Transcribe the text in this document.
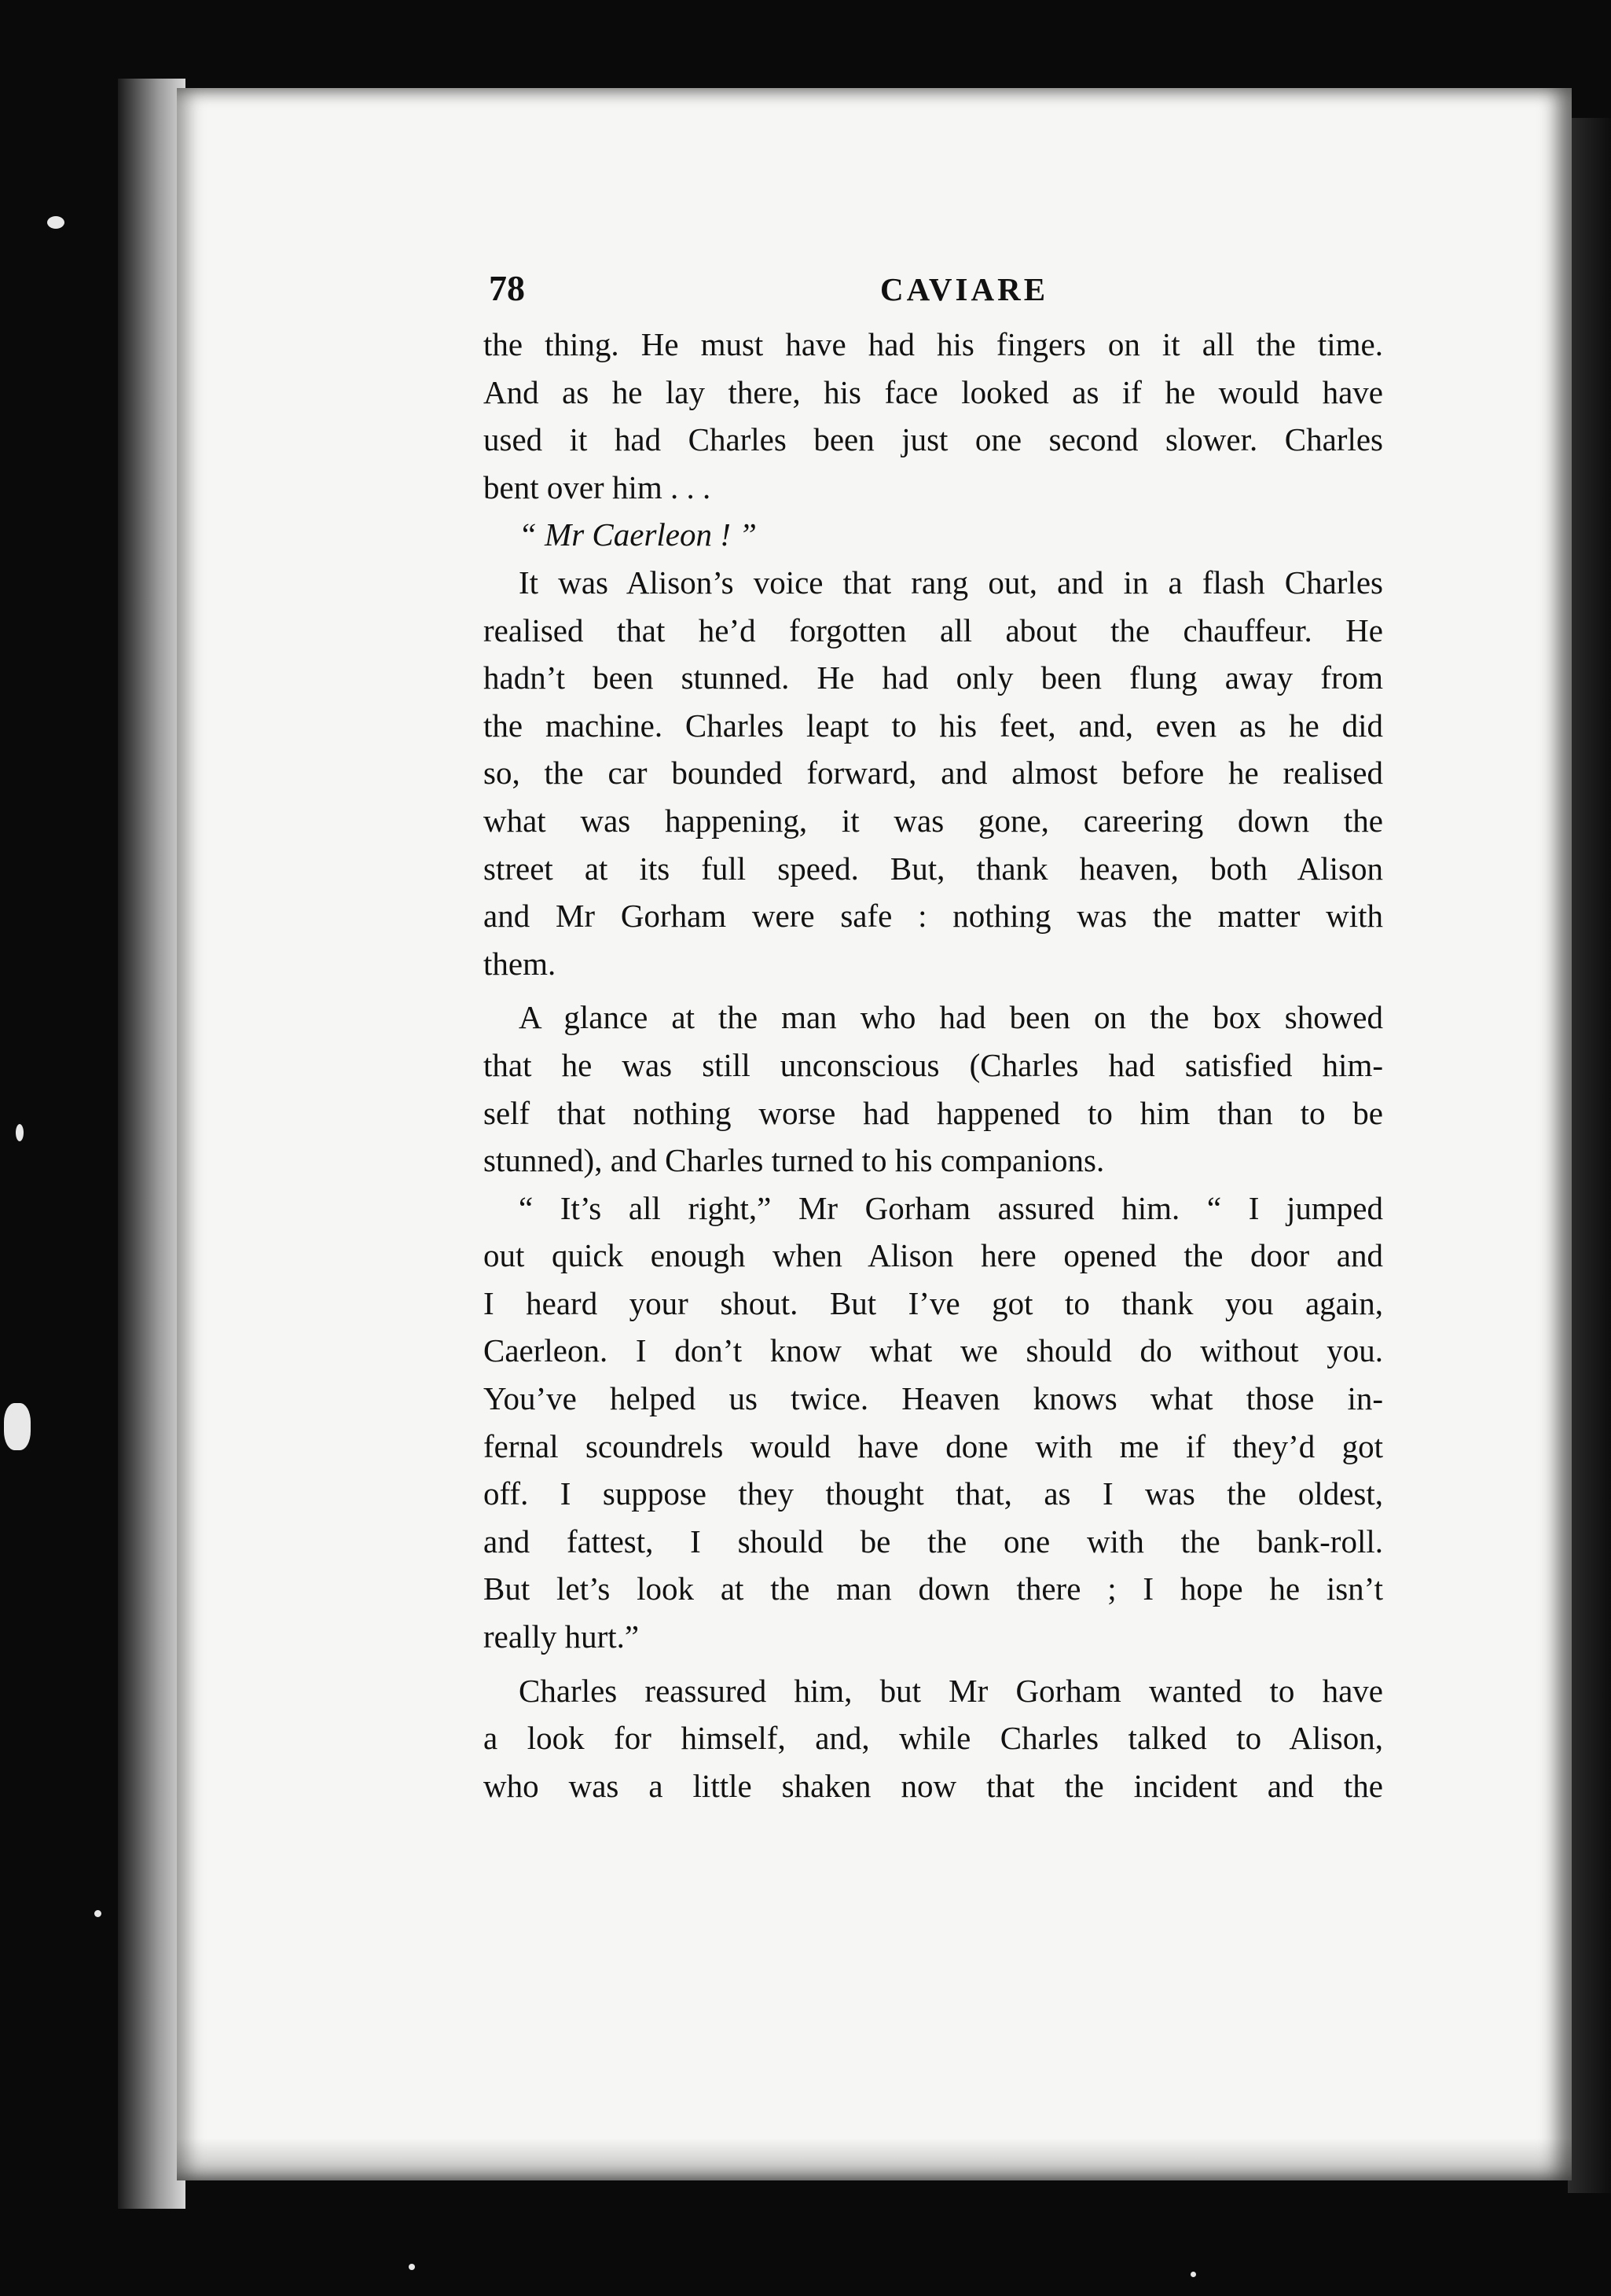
78	CAVIARE
the thing. He must have had his fingers on it all the time.
And as he lay there, his face looked as if he would have
used it had Charles been just one second slower. Charles
bent over him . . .
“ Mr Caerleon ! ”
It was Alison’s voice that rang out, and in a flash Charles
realised that he’d forgotten all about the chauffeur. He
hadn’t been stunned. He had only been flung away from
the machine. Charles leapt to his feet, and, even as he did
so, the car bounded forward, and almost before he realised
what was happening, it was gone, careering down the
street at its full speed. But, thank heaven, both Alison
and Mr Gorham were safe : nothing was the matter with
them.
A glance at the man who had been on the box showed
that he was still unconscious (Charles had satisfied him-
self that nothing worse had happened to him than to be
stunned), and Charles turned to his companions.
“ It’s all right,” Mr Gorham assured him. “ I jumped
out quick enough when Alison here opened the door and
I heard your shout. But I’ve got to thank you again,
Caerleon. I don’t know what we should do without you.
You’ve helped us twice. Heaven knows what those in-
fernal scoundrels would have done with me if they’d got
off. I suppose they thought that, as I was the oldest,
and fattest, I should be the one with the bank-roll.
But let’s look at the man down there ; I hope he isn’t
really hurt.”
Charles reassured him, but Mr Gorham wanted to have
a look for himself, and, while Charles talked to Alison,
who was a little shaken now that the incident and the
